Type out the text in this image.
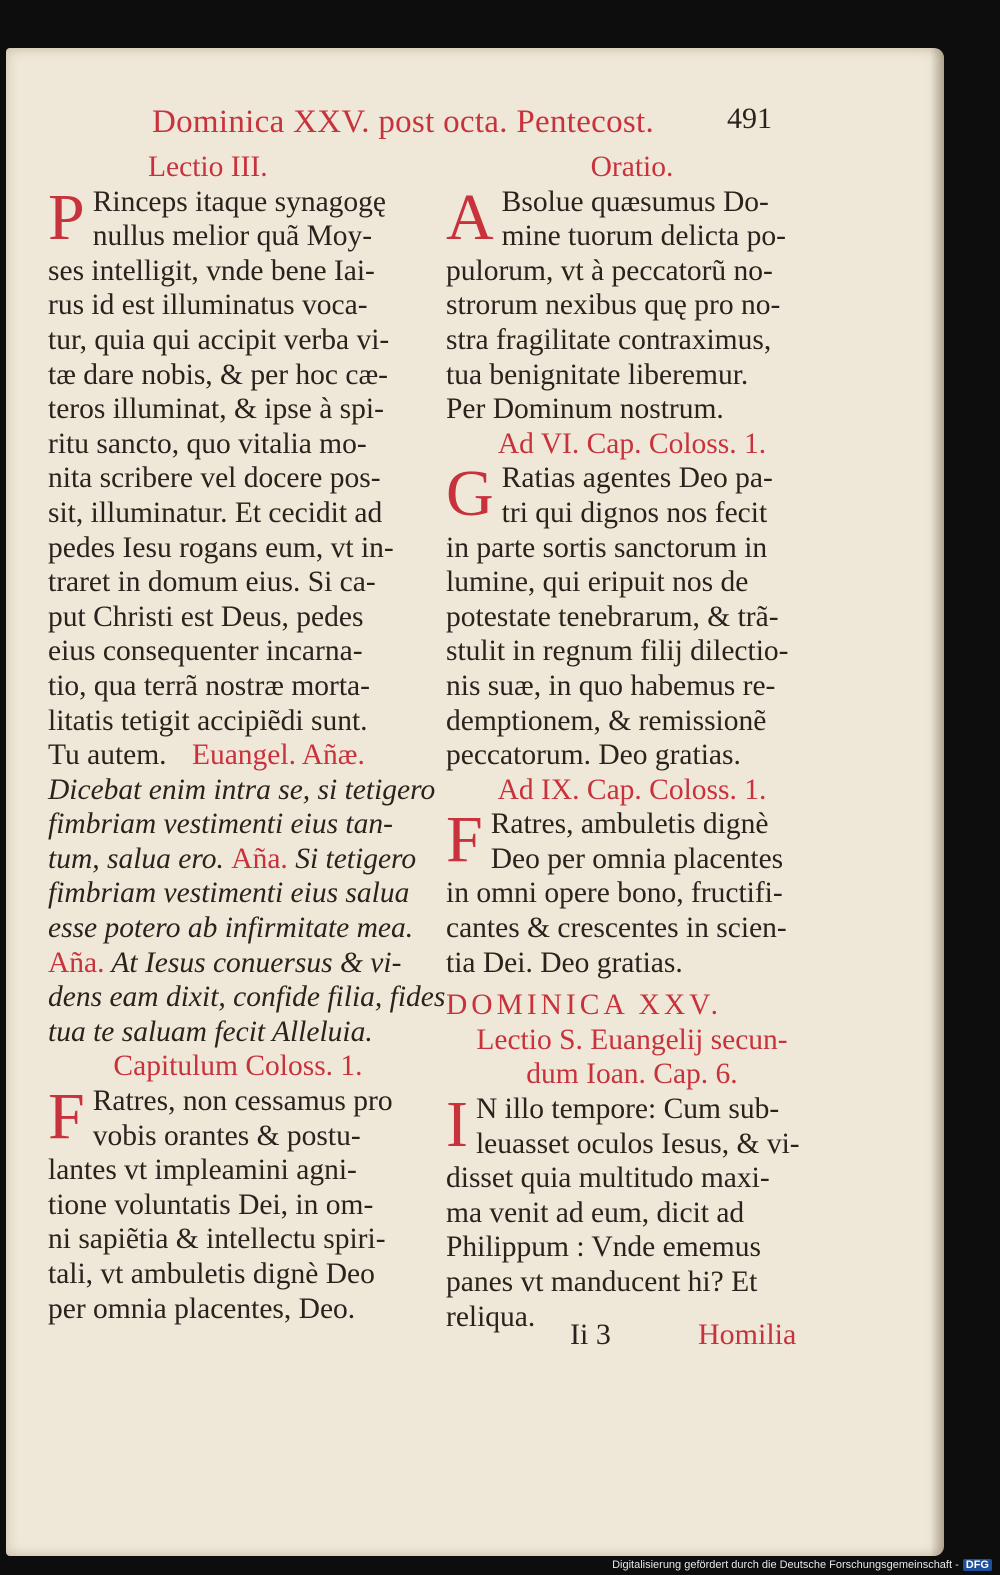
Dominica XXV. post octa. Pentecost. 491
Lectio III.
P Rinceps itaque synagogę
nullus melior quã Moy-
ses intelligit, vnde bene Iai-
rus id est illuminatus voca-
tur, quia qui accipit verba vi-
tæ dare nobis, & per hoc cæ-
teros illuminat, & ipse à spi-
ritu sancto, quo vitalia mo-
nita scribere vel docere pos-
sit, illuminatur. Et cecidit ad
pedes Iesu rogans eum, vt in-
traret in domum eius. Si ca-
put Christi est Deus, pedes
eius consequenter incarna-
tio, qua terrã nostræ morta-
litatis tetigit accipiẽdi sunt.
Tu autem. Euangel. Añæ.
Dicebat enim intra se, si tetigero
fimbriam vestimenti eius tan-
tum, salua ero. Aña. Si tetigero
fimbriam vestimenti eius salua
esse potero ab infirmitate mea.
Aña. At Iesus conuersus & vi-
dens eam dixit, confide filia, fides
tua te saluam fecit Alleluia.
Capitulum Coloss. 1.
F Ratres, non cessamus pro
vobis orantes & postu-
lantes vt impleamini agni-
tione voluntatis Dei, in om-
ni sapiẽtia & intellectu spiri-
tali, vt ambuletis dignè Deo
per omnia placentes, Deo.
Oratio.
A Bsolue quæsumus Do-
mine tuorum delicta po-
pulorum, vt à peccatorũ no-
strorum nexibus quę pro no-
stra fragilitate contraximus,
tua benignitate liberemur.
Per Dominum nostrum.
Ad VI. Cap. Coloss. 1.
G Ratias agentes Deo pa-
tri qui dignos nos fecit
in parte sortis sanctorum in
lumine, qui eripuit nos de
potestate tenebrarum, & trã-
stulit in regnum filij dilectio-
nis suæ, in quo habemus re-
demptionem, & remissionẽ
peccatorum. Deo gratias.
Ad IX. Cap. Coloss. 1.
F Ratres, ambuletis dignè
Deo per omnia placentes
in omni opere bono, fructifi-
cantes & crescentes in scien-
tia Dei. Deo gratias.
DOMINICA XXV.
Lectio S. Euangelij secun-
dum Ioan. Cap. 6.
I N illo tempore: Cum sub-
leuasset oculos Iesus, & vi-
disset quia multitudo maxi-
ma venit ad eum, dicit ad
Philippum : Vnde ememus
panes vt manducent hi? Et
reliqua.
Ii 3	Homilia
Digitalisierung gefördert durch die Deutsche Forschungsgemeinschaft - DFG
